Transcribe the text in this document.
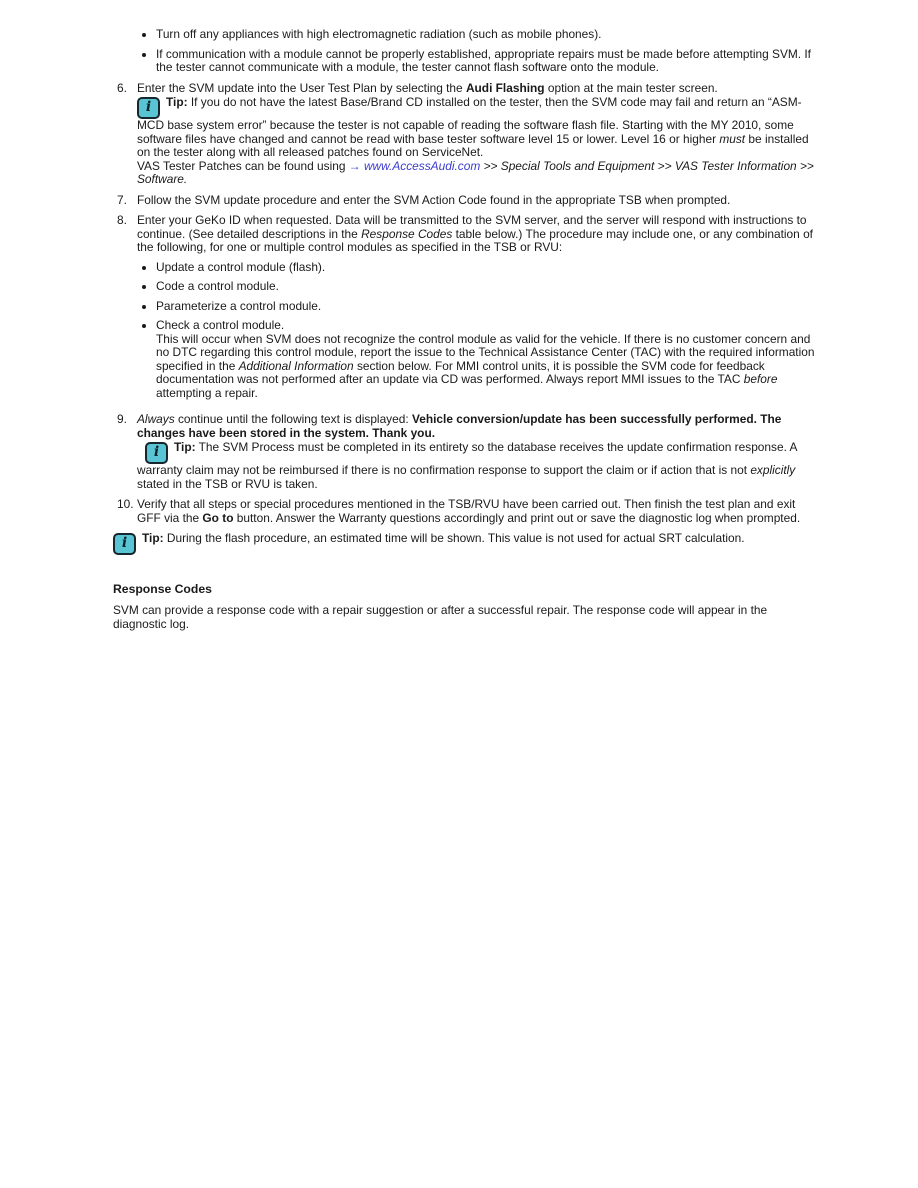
• Turn off any appliances with high electromagnetic radiation (such as mobile phones).
• If communication with a module cannot be properly established, appropriate repairs must be made before attempting SVM. If the tester cannot communicate with a module, the tester cannot flash software onto the module.
6. Enter the SVM update into the User Test Plan by selecting the Audi Flashing option at the main tester screen.

i	Tip: If you do not have the latest Base/Brand CD installed on the tester, then the SVM code may fail and return an “ASM-MCD base system error” because the tester is not capable of reading the software flash file. Starting with the MY 2010, some software files have changed and cannot be read with base tester software level 15 or lower. Level 16 or higher must be installed on the tester along with all released patches found on ServiceNet.

VAS Tester Patches can be found using → www.AccessAudi.com >> Special Tools and Equipment >> VAS Tester Information >> Software.

7. Follow the SVM update procedure and enter the SVM Action Code found in the appropriate TSB when prompted.

8. Enter your GeKo ID when requested. Data will be transmitted to the SVM server, and the server will respond with instructions to continue. (See detailed descriptions in the Response Codes table below.) The procedure may include one, or any combination of the following, for one or multiple control modules as specified in the TSB or RVU:

• Update a control module (flash).
• Code a control module.
• Parameterize a control module.
• Check a control module.
This will occur when SVM does not recognize the control module as valid for the vehicle. If there is no customer concern and no DTC regarding this control module, report the issue to the Technical Assistance Center (TAC) with the required information specified in the Additional Information section below. For MMI control units, it is possible the SVM code for feedback documentation was not performed after an update via CD was performed. Always report MMI issues to the TAC before attempting a repair.
9. Always continue until the following text is displayed: Vehicle conversion/update has been successfully performed. The changes have been stored in the system. Thank you.

i	Tip: The SVM Process must be completed in its entirety so the database receives the update confirmation response. A warranty claim may not be reimbursed if there is no confirmation response to support the claim or if action that is not explicitly stated in the TSB or RVU is taken.

10. Verify that all steps or special procedures mentioned in the TSB/RVU have been carried out. Then finish the test plan and exit GFF via the Go to button. Answer the Warranty questions accordingly and print out or save the diagnostic log when prompted.

i	Tip: During the flash procedure, an estimated time will be shown. This value is not used for actual SRT calculation.

Response Codes

SVM can provide a response code with a repair suggestion or after a successful repair. The response code will appear in the diagnostic log.
